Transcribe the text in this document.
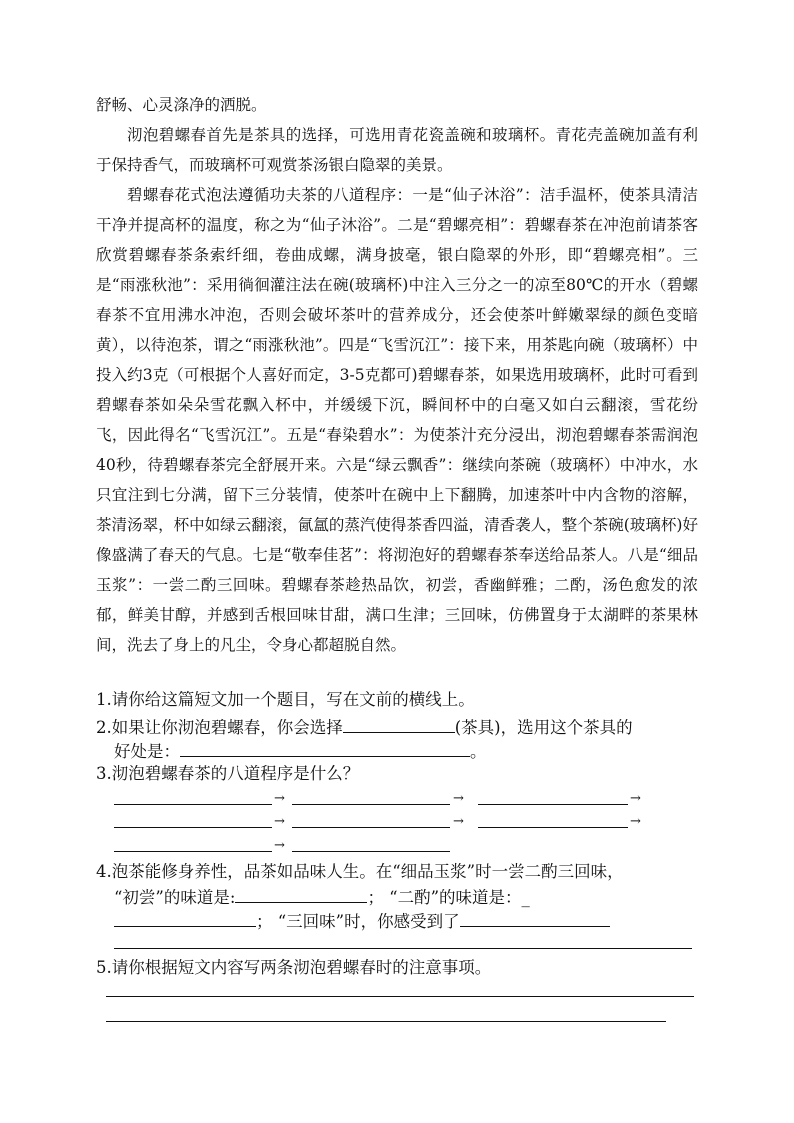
舒畅、心灵涤净的洒脱。

沏泡碧螺春首先是茶具的选择，可选用青花瓷盖碗和玻璃杯。青花壳盖碗加盖有利于保持香气，而玻璃杯可观赏茶汤银白隐翠的美景。

碧螺春花式泡法遵循功夫茶的八道程序：一是“仙子沐浴”：洁手温杯，使茶具清洁干净并提高杯的温度，称之为“仙子沐浴”。二是“碧螺亮相”：碧螺春茶在冲泡前请茶客欣赏碧螺春茶条索纤细，卷曲成螺，满身披毫，银白隐翠的外形，即“碧螺亮相”。三是“雨涨秋池”：采用徜徊灌注法在碗(玻璃杯)中注入三分之一的凉至80℃的开水（碧螺春茶不宜用沸水冲泡，否则会破坏茶叶的营养成分，还会使茶叶鲜嫩翠绿的颜色变暗黄），以待泡茶，谓之“雨涨秋池”。四是“飞雪沉江”：接下来，用茶匙向碗（玻璃杯）中投入约3克（可根据个人喜好而定，3-5克都可)碧螺春茶，如果选用玻璃杯，此时可看到碧螺春茶如朵朵雪花飘入杯中，并缓缓下沉，瞬间杯中的白毫又如白云翻滚，雪花纷飞，因此得名“飞雪沉江”。五是“春染碧水”：为使茶汁充分浸出，沏泡碧螺春茶需润泡40秒，待碧螺春茶完全舒展开来。六是“绿云飘香”：继续向茶碗（玻璃杯）中冲水，水只宜注到七分满，留下三分装情，使茶叶在碗中上下翻腾，加速茶叶中内含物的溶解，茶清汤翠，杯中如绿云翻滚，氤氲的蒸汽使得茶香四溢，清香袭人，整个茶碗(玻璃杯)好像盛满了春天的气息。七是“敬奉佳茗”：将沏泡好的碧螺春茶奉送给品茶人。八是“细品玉浆”：一尝二酌三回味。碧螺春茶趁热品饮，初尝，香幽鲜雅；二酌，汤色愈发的浓郁，鲜美甘醇，并感到舌根回味甘甜，满口生津；三回味，仿佛置身于太湖畔的茶果林间，洗去了身上的凡尘，令身心都超脱自然。

1.请你给这篇短文加一个题目，写在文前的横线上。
2.如果让你沏泡碧螺春，你会选择	(茶具)，选用这个茶具的
好处是：	。
3.沏泡碧螺春茶的八道程序是什么？
→	→	→
→	→	→
→
4.泡茶能修身养性，品茶如品味人生。在“细品玉浆”时一尝二酌三回味，
“初尝”的味道是:	； “二酌”的味道是：_
； “三回味”时，你感受到了
5.请你根据短文内容写两条沏泡碧螺春时的注意事项。
